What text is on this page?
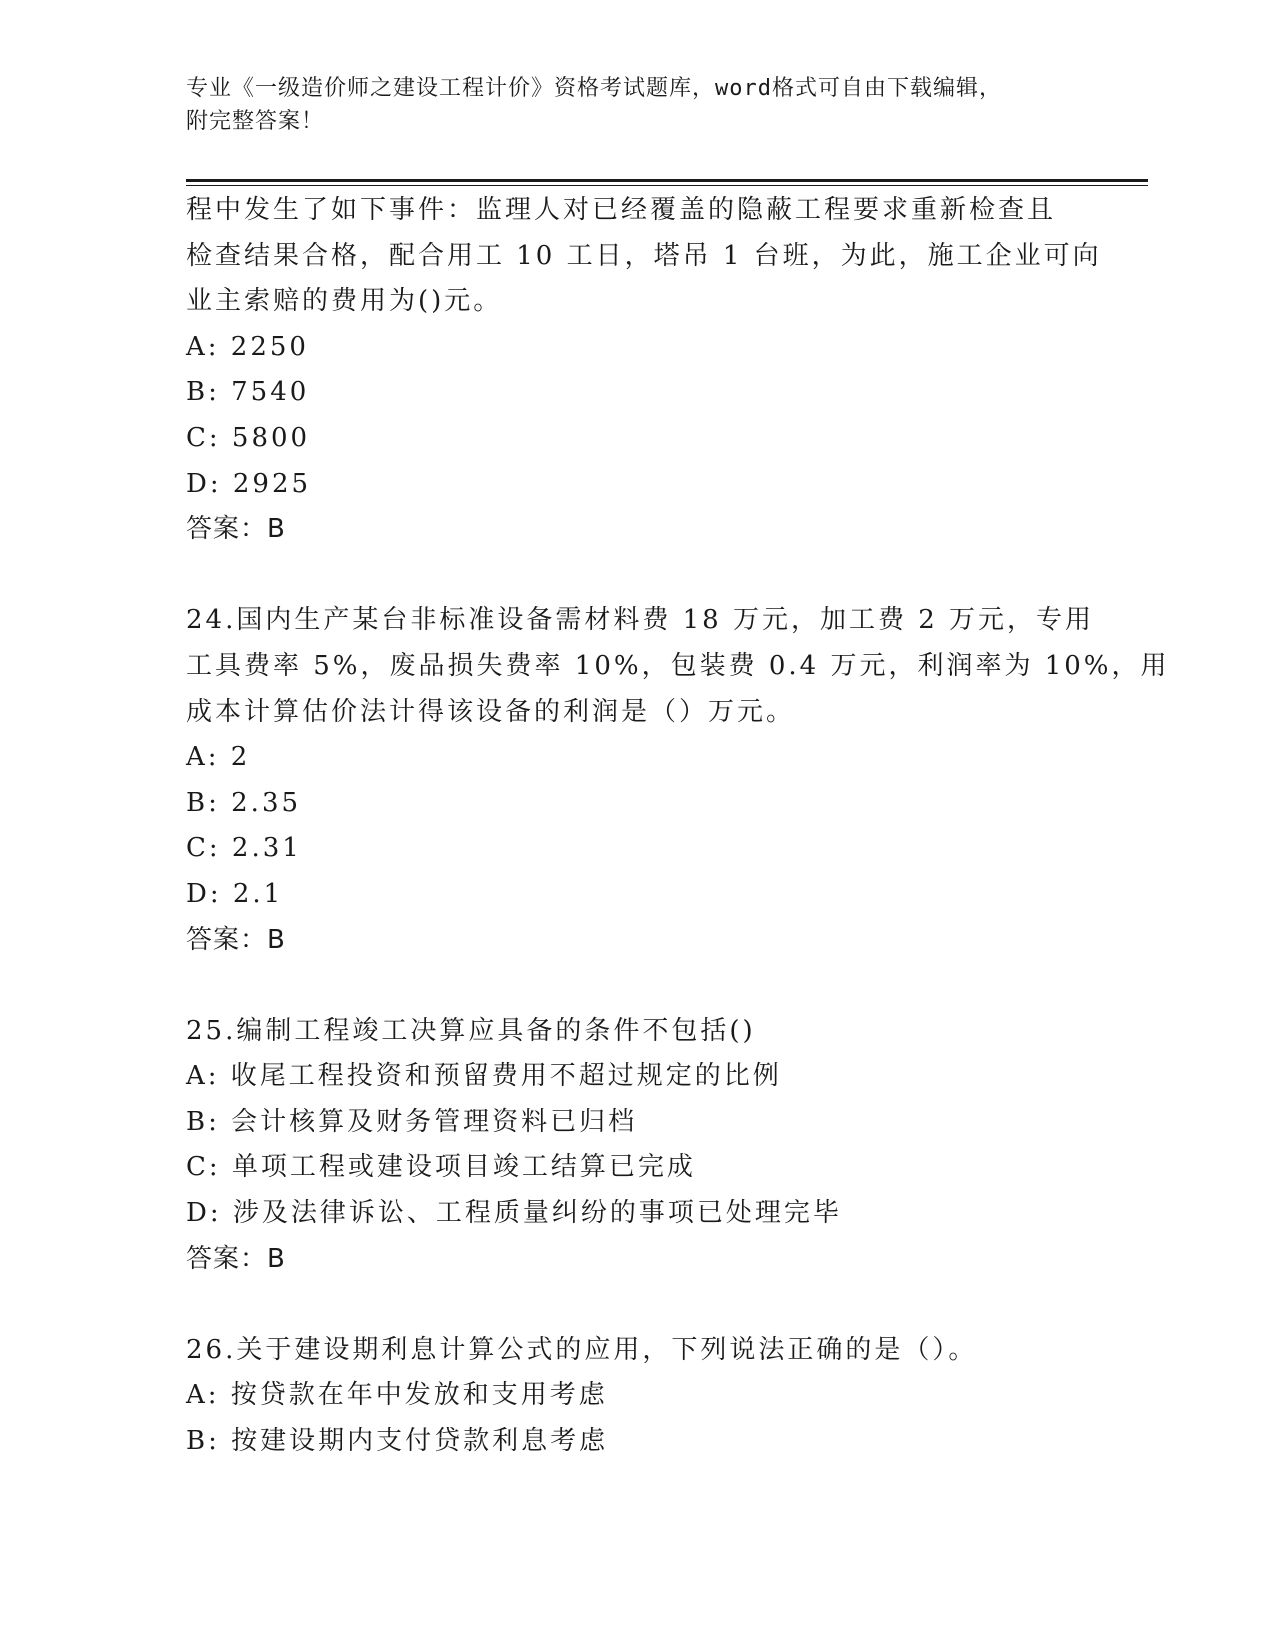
专业《一级造价师之建设工程计价》资格考试题库，word格式可自由下载编辑，
附完整答案！
程中发生了如下事件：监理人对已经覆盖的隐蔽工程要求重新检查且
检查结果合格，配合用工 10 工日，塔吊 1 台班，为此，施工企业可向
业主索赔的费用为()元。
A: 2250
B: 7540
C: 5800
D: 2925
答案：B
24.国内生产某台非标准设备需材料费 18 万元，加工费 2 万元，专用
工具费率 5%，废品损失费率 10%，包装费 0.4 万元，利润率为 10%，用
成本计算估价法计得该设备的利润是（）万元。
A: 2
B: 2.35
C: 2.31
D: 2.1
答案：B
25.编制工程竣工决算应具备的条件不包括()
A: 收尾工程投资和预留费用不超过规定的比例
B: 会计核算及财务管理资料已归档
C: 单项工程或建设项目竣工结算已完成
D: 涉及法律诉讼、工程质量纠纷的事项已处理完毕
答案：B
26.关于建设期利息计算公式的应用，下列说法正确的是（）。
A: 按贷款在年中发放和支用考虑
B: 按建设期内支付贷款利息考虑
